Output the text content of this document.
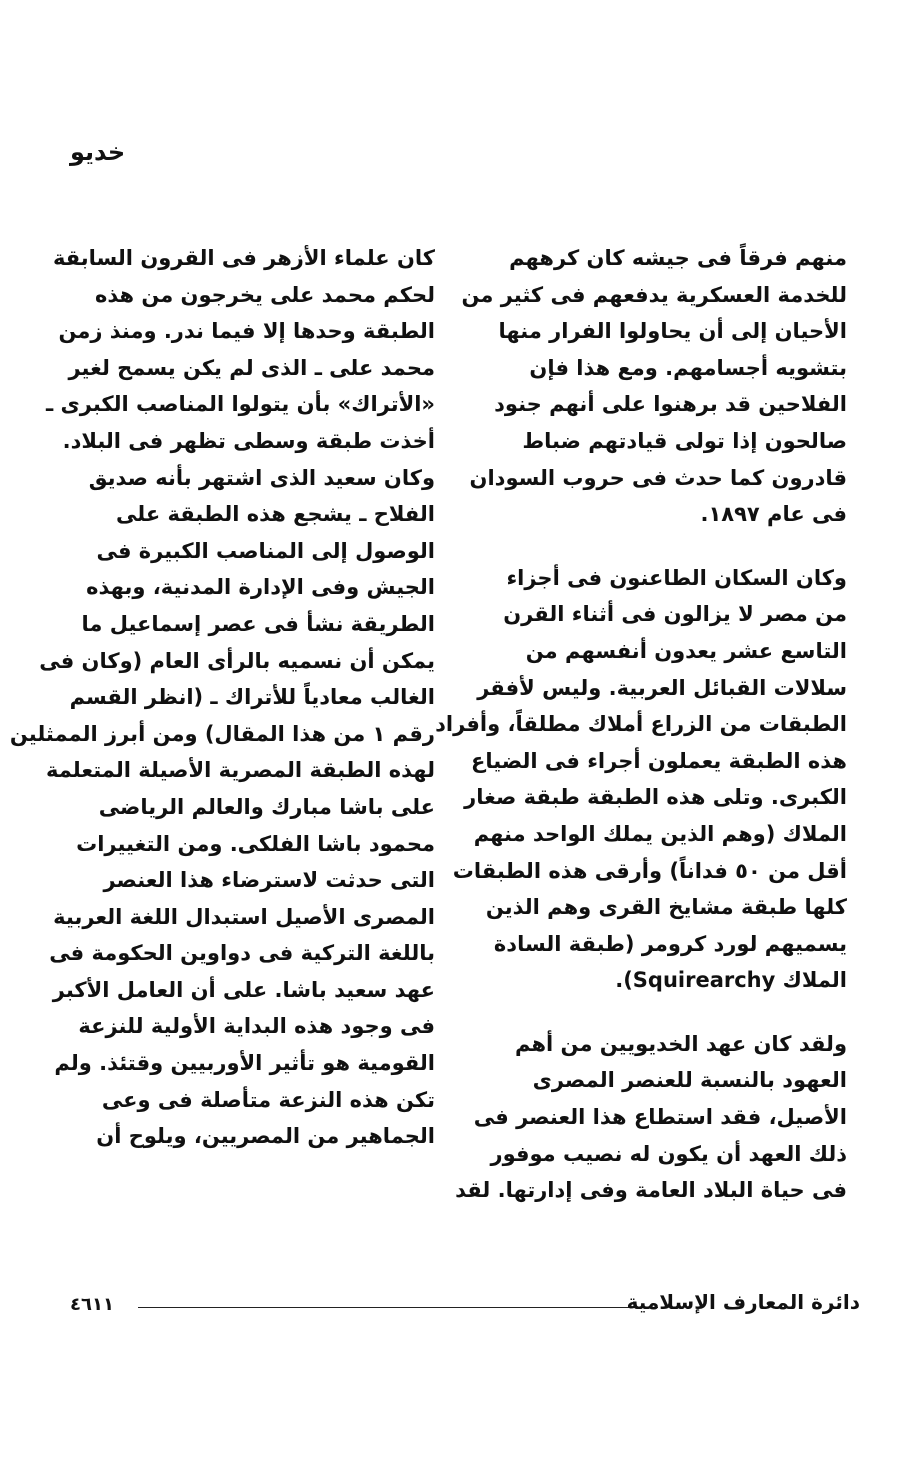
خديو
منهم فرقاً فى جيشه كان كرههم
للخدمة العسكرية يدفعهم فى كثير من
الأحيان إلى أن يحاولوا الفرار منها
بتشويه أجسامهم. ومع هذا فإن
الفلاحين قد برهنوا على أنهم جنود
صالحون إذا تولى قيادتهم ضباط
قادرون كما حدث فى حروب السودان
فى عام ١٨٩٧.
وكان السكان الطاعنون فى أجزاء
من مصر لا يزالون فى أثناء القرن
التاسع عشر يعدون أنفسهم من
سلالات القبائل العربية. وليس لأفقر
الطبقات من الزراع أملاك مطلقاً، وأفراد
هذه الطبقة يعملون أجراء فى الضياع
الكبرى. وتلى هذه الطبقة طبقة صغار
الملاك (وهم الذين يملك الواحد منهم
أقل من ٥٠ فداناً) وأرقى هذه الطبقات
كلها طبقة مشايخ القرى وهم الذين
يسميهم لورد كرومر (طبقة السادة
الملاك Squirearchy).
ولقد كان عهد الخديويين من أهم
العهود بالنسبة للعنصر المصرى
الأصيل، فقد استطاع هذا العنصر فى
ذلك العهد أن يكون له نصيب موفور
فى حياة البلاد العامة وفى إدارتها. لقد
كان علماء الأزهر فى القرون السابقة
لحكم محمد على يخرجون من هذه
الطبقة وحدها إلا فيما ندر. ومنذ زمن
محمد على ـ الذى لم يكن يسمح لغير
«الأتراك» بأن يتولوا المناصب الكبرى ـ
أخذت طبقة وسطى تظهر فى البلاد.
وكان سعيد الذى اشتهر بأنه صديق
الفلاح ـ يشجع هذه الطبقة على
الوصول إلى المناصب الكبيرة فى
الجيش وفى الإدارة المدنية، وبهذه
الطريقة نشأ فى عصر إسماعيل ما
يمكن أن نسميه بالرأى العام (وكان فى
الغالب معادياً للأتراك ـ (انظر القسم
رقم ١ من هذا المقال) ومن أبرز الممثلين
لهذه الطبقة المصرية الأصيلة المتعلمة
على باشا مبارك والعالم الرياضى
محمود باشا الفلكى. ومن التغييرات
التى حدثت لاسترضاء هذا العنصر
المصرى الأصيل استبدال اللغة العربية
باللغة التركية فى دواوين الحكومة فى
عهد سعيد باشا. على أن العامل الأكبر
فى وجود هذه البداية الأولية للنزعة
القومية هو تأثير الأوربيين وقتئذ. ولم
تكن هذه النزعة متأصلة فى وعى
الجماهير من المصريين، ويلوح أن
٤٦١١	دائرة المعارف الإسلامية
